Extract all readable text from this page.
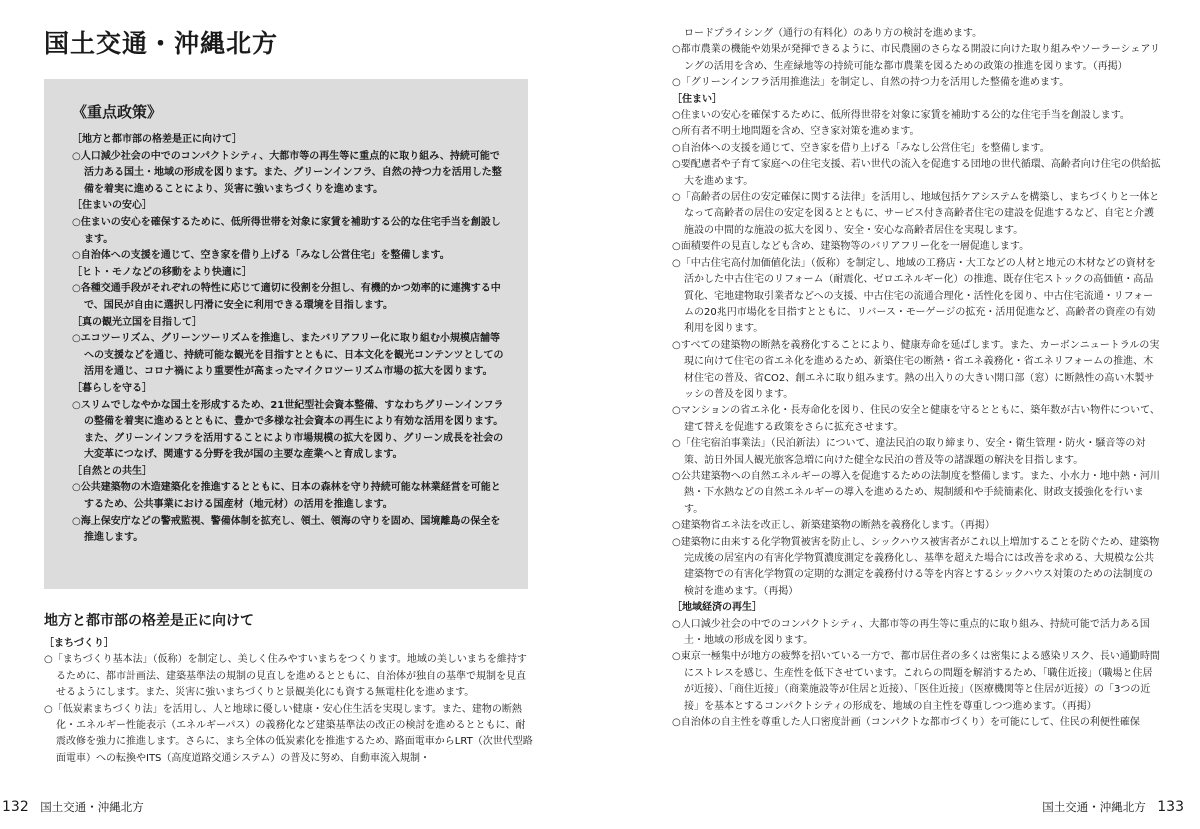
国土交通・沖縄北方
《重点政策》
［地方と都市部の格差是正に向けて］
○人口減少社会の中でのコンパクトシティ、大都市等の再生等に重点的に取り組み、持続可能で活力ある国土・地域の形成を図ります。また、グリーンインフラ、自然の持つ力を活用した整備を着実に進めることにより、災害に強いまちづくりを進めます。
［住まいの安心］
○住まいの安心を確保するために、低所得世帯を対象に家賃を補助する公的な住宅手当を創設します。
○自治体への支援を通じて、空き家を借り上げる「みなし公営住宅」を整備します。
［ヒト・モノなどの移動をより快適に］
○各種交通手段がそれぞれの特性に応じて適切に役割を分担し、有機的かつ効率的に連携する中で、国民が自由に選択し円滑に安全に利用できる環境を目指します。
［真の観光立国を目指して］
○エコツーリズム、グリーンツーリズムを推進し、またバリアフリー化に取り組む小規模店舗等への支援などを通じ、持続可能な観光を目指すとともに、日本文化を観光コンテンツとしての活用を通じ、コロナ禍により重要性が高まったマイクロツーリズム市場の拡大を図ります。
［暮らしを守る］
○スリムでしなやかな国土を形成するため、21世紀型社会資本整備、すなわちグリーンインフラの整備を着実に進めるとともに、豊かで多様な社会資本の再生により有効な活用を図ります。また、グリーンインフラを活用することにより市場規模の拡大を図り、グリーン成長を社会の大変革につなげ、関連する分野を我が国の主要な産業へと育成します。
［自然との共生］
○公共建築物の木造建築化を推進するとともに、日本の森林を守り持続可能な林業経営を可能とするため、公共事業における国産材（地元材）の活用を推進します。
○海上保安庁などの警戒監視、警備体制を拡充し、領土、領海の守りを固め、国境離島の保全を推進します。
地方と都市部の格差是正に向けて
［まちづくり］
○「まちづくり基本法」（仮称）を制定し、美しく住みやすいまちをつくります。地域の美しいまちを維持するために、都市計画法、建築基準法の規制の見直しを進めるとともに、自治体が独自の基準で規制を見直せるようにします。また、災害に強いまちづくりと景観美化にも資する無電柱化を進めます。
○「低炭素まちづくり法」を活用し、人と地球に優しい健康・安心住生活を実現します。また、建物の断熱化・エネルギー性能表示（エネルギーパス）の義務化など建築基準法の改正の検討を進めるとともに、耐震改修を強力に推進します。さらに、まち全体の低炭素化を推進するため、路面電車からLRT（次世代型路面電車）への転換やITS（高度道路交通システム）の普及に努め、自動車流入規制・
132　 国土交通・沖縄北方
ロードプライシング（通行の有料化）のあり方の検討を進めます。
○都市農業の機能や効果が発揮できるように、市民農園のさらなる開設に向けた取り組みやソーラーシェアリングの活用を含め、生産緑地等の持続可能な都市農業を図るための政策の推進を図ります。（再掲）
○「グリーンインフラ活用推進法」を制定し、自然の持つ力を活用した整備を進めます。
［住まい］
○住まいの安心を確保するために、低所得世帯を対象に家賃を補助する公的な住宅手当を創設します。
○所有者不明土地問題を含め、空き家対策を進めます。
○自治体への支援を通じて、空き家を借り上げる「みなし公営住宅」を整備します。
○要配慮者や子育て家庭への住宅支援、若い世代の流入を促進する団地の世代循環、高齢者向け住宅の供給拡大を進めます。
○「高齢者の居住の安定確保に関する法律」を活用し、地域包括ケアシステムを構築し、まちづくりと一体となって高齢者の居住の安定を図るとともに、サービス付き高齢者住宅の建設を促進するなど、自宅と介護施設の中間的な施設の拡大を図り、安全・安心な高齢者居住を実現します。
○面積要件の見直しなども含め、建築物等のバリアフリー化を一層促進します。
○「中古住宅高付加価値化法」（仮称）を制定し、地域の工務店・大工などの人材と地元の木材などの資材を活かした中古住宅のリフォーム（耐震化、ゼロエネルギー化）の推進、既存住宅ストックの高価値・高品質化、宅地建物取引業者などへの支援、中古住宅の流通合理化・活性化を図り、中古住宅流通・リフォームの20兆円市場化を目指すとともに、リバース・モーゲージの拡充・活用促進など、高齢者の資産の有効利用を図ります。
○すべての建築物の断熱を義務化することにより、健康寿命を延ばします。また、カーボンニュートラルの実現に向けて住宅の省エネ化を進めるため、新築住宅の断熱・省エネ義務化・省エネリフォームの推進、木材住宅の普及、省CO2、創エネに取り組みます。熱の出入りの大きい開口部（窓）に断熱性の高い木製サッシの普及を図ります。
○マンションの省エネ化・長寿命化を図り、住民の安全と健康を守るとともに、築年数が古い物件について、建て替えを促進する政策をさらに拡充させます。
○「住宅宿泊事業法」（民泊新法）について、違法民泊の取り締まり、安全・衛生管理・防火・騒音等の対策、訪日外国人観光旅客急増に向けた健全な民泊の普及等の諸課題の解決を目指します。
○公共建築物への自然エネルギーの導入を促進するための法制度を整備します。また、小水力・地中熱・河川熱・下水熱などの自然エネルギーの導入を進めるため、規制緩和や手続簡素化、財政支援強化を行います。
○建築物省エネ法を改正し、新築建築物の断熱を義務化します。（再掲）
○建築物に由来する化学物質被害を防止し、シックハウス被害者がこれ以上増加することを防ぐため、建築物完成後の居室内の有害化学物質濃度測定を義務化し、基準を超えた場合には改善を求める、大規模な公共建築物での有害化学物質の定期的な測定を義務付ける等を内容とするシックハウス対策のための法制度の検討を進めます。（再掲）
［地域経済の再生］
○人口減少社会の中でのコンパクトシティ、大都市等の再生等に重点的に取り組み、持続可能で活力ある国土・地域の形成を図ります。
○東京一極集中が地方の疲弊を招いている一方で、都市居住者の多くは密集による感染リスク、長い通勤時間にストレスを感じ、生産性を低下させています。これらの問題を解消するため、「職住近接」（職場と住居が近接）、「商住近接」（商業施設等が住居と近接）、「医住近接」（医療機関等と住居が近接）の「3つの近接」を基本とするコンパクトシティの形成を、地域の自主性を尊重しつつ進めます。（再掲）
○自治体の自主性を尊重した人口密度計画（コンパクトな都市づくり）を可能にして、住民の利便性確保
国土交通・沖縄北方　 133
